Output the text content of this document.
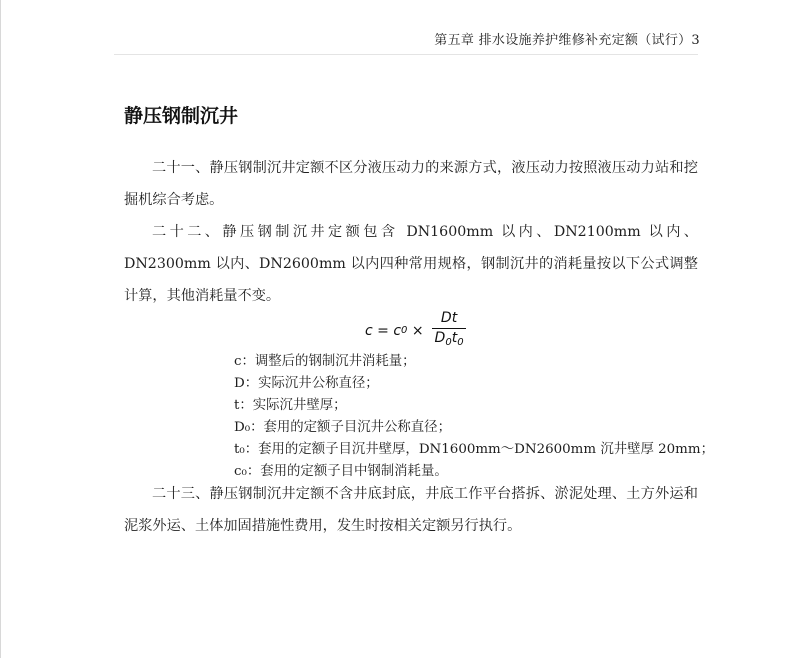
第五章 排水设施养护维修补充定额（试行）3
静压钢制沉井

二十一、静压钢制沉井定额不区分液压动力的来源方式，液压动力按照液压动力站和挖掘机综合考虑。

二十二、静压钢制沉井定额包含 DN1600mm 以内、DN2100mm 以内、DN2300mm 以内、DN2600mm 以内四种常用规格，钢制沉井的消耗量按以下公式调整计算，其他消耗量不变。

c = c $0 \times \frac{Dt}{D_0t_0}$
c：调整后的钢制沉井消耗量；
D：实际沉井公称直径；
t：实际沉井壁厚；
D₀：套用的定额子目沉井公称直径；
t₀：套用的定额子目沉井壁厚，DN1600mm～DN2600mm 沉井壁厚 20mm；
c₀：套用的定额子目中钢制消耗量。

二十三、静压钢制沉井定额不含井底封底，井底工作平台搭拆、淤泥处理、土方外运和泥浆外运、土体加固措施性费用，发生时按相关定额另行执行。
